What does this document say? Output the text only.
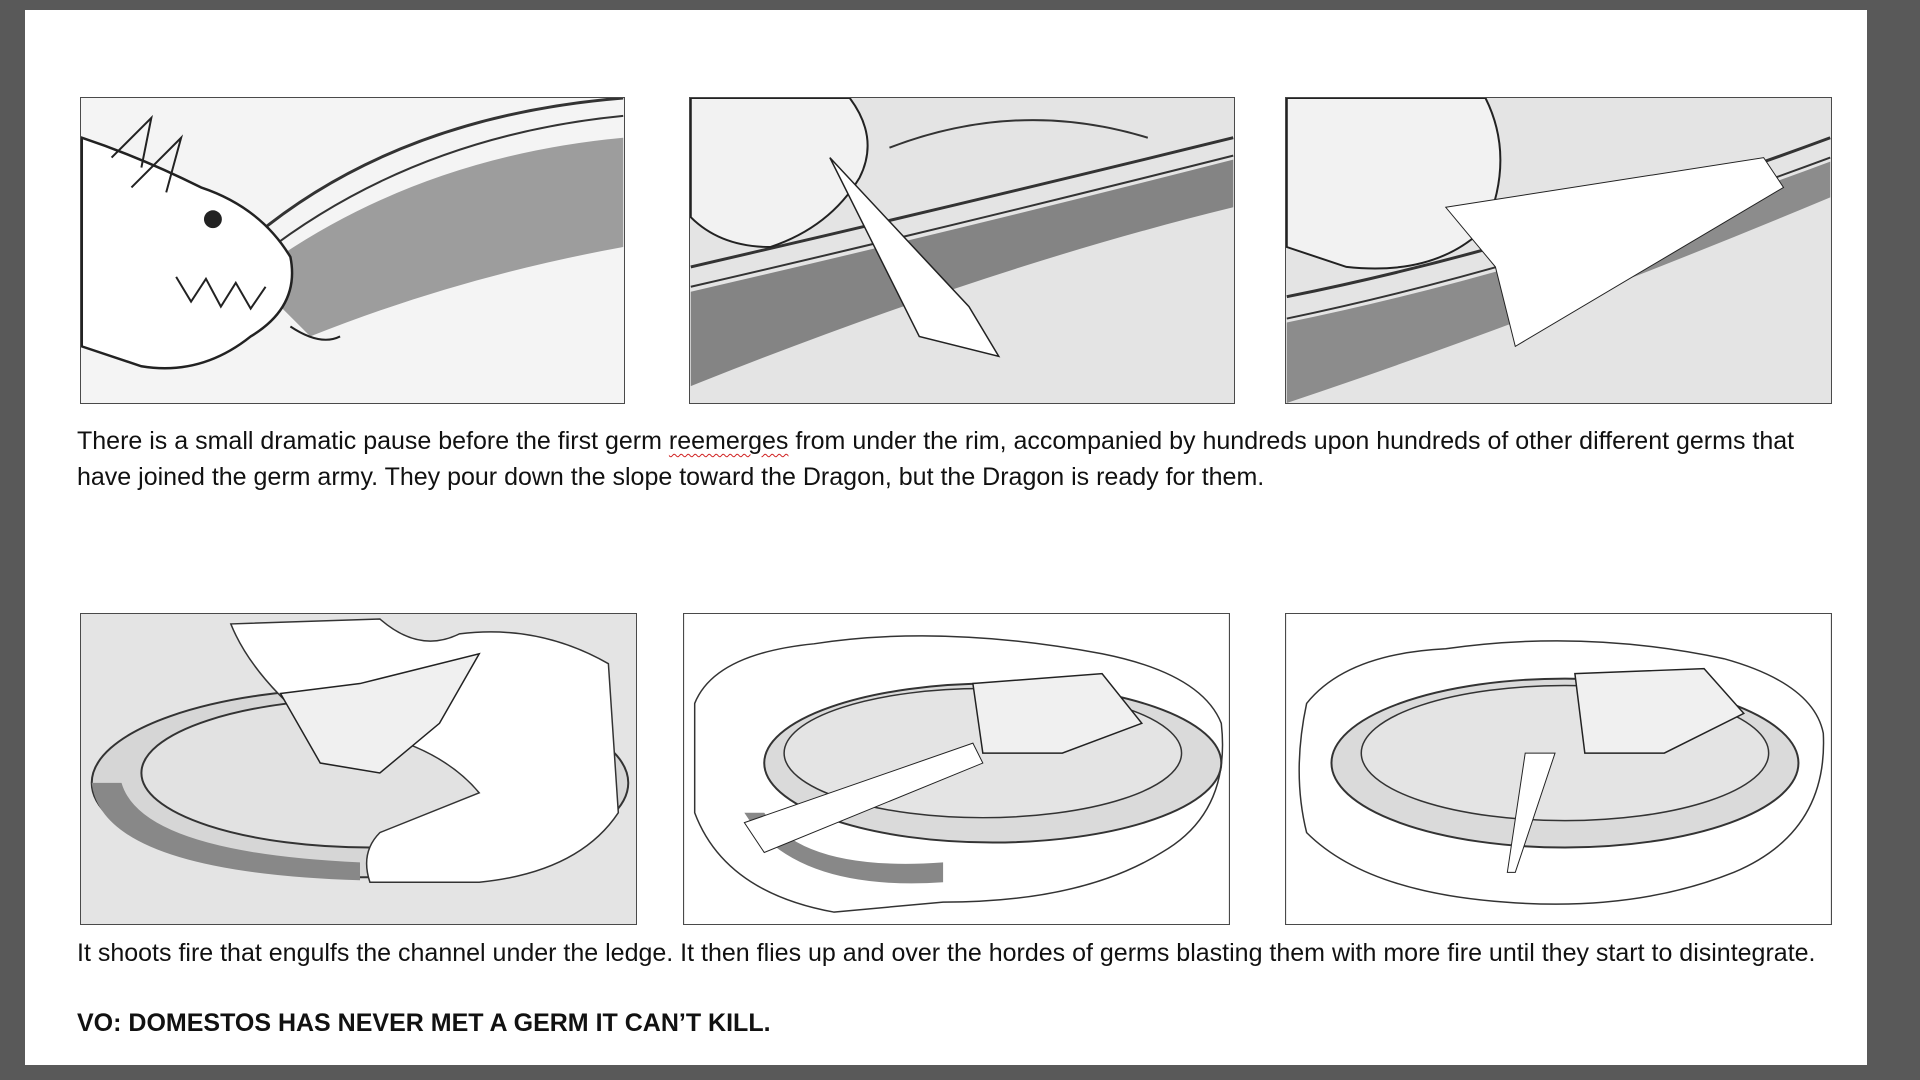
There is a small dramatic pause before the first germ reemerges from under the rim, accompanied by hundreds upon hundreds of other different germs that have joined the germ army. They pour down the slope toward the Dragon, but the Dragon is ready for them.
It shoots fire that engulfs the channel under the ledge. It then flies up and over the hordes of germs blasting them with more fire until they start to disintegrate.
VO: DOMESTOS HAS NEVER MET A GERM IT CAN’T KILL.
